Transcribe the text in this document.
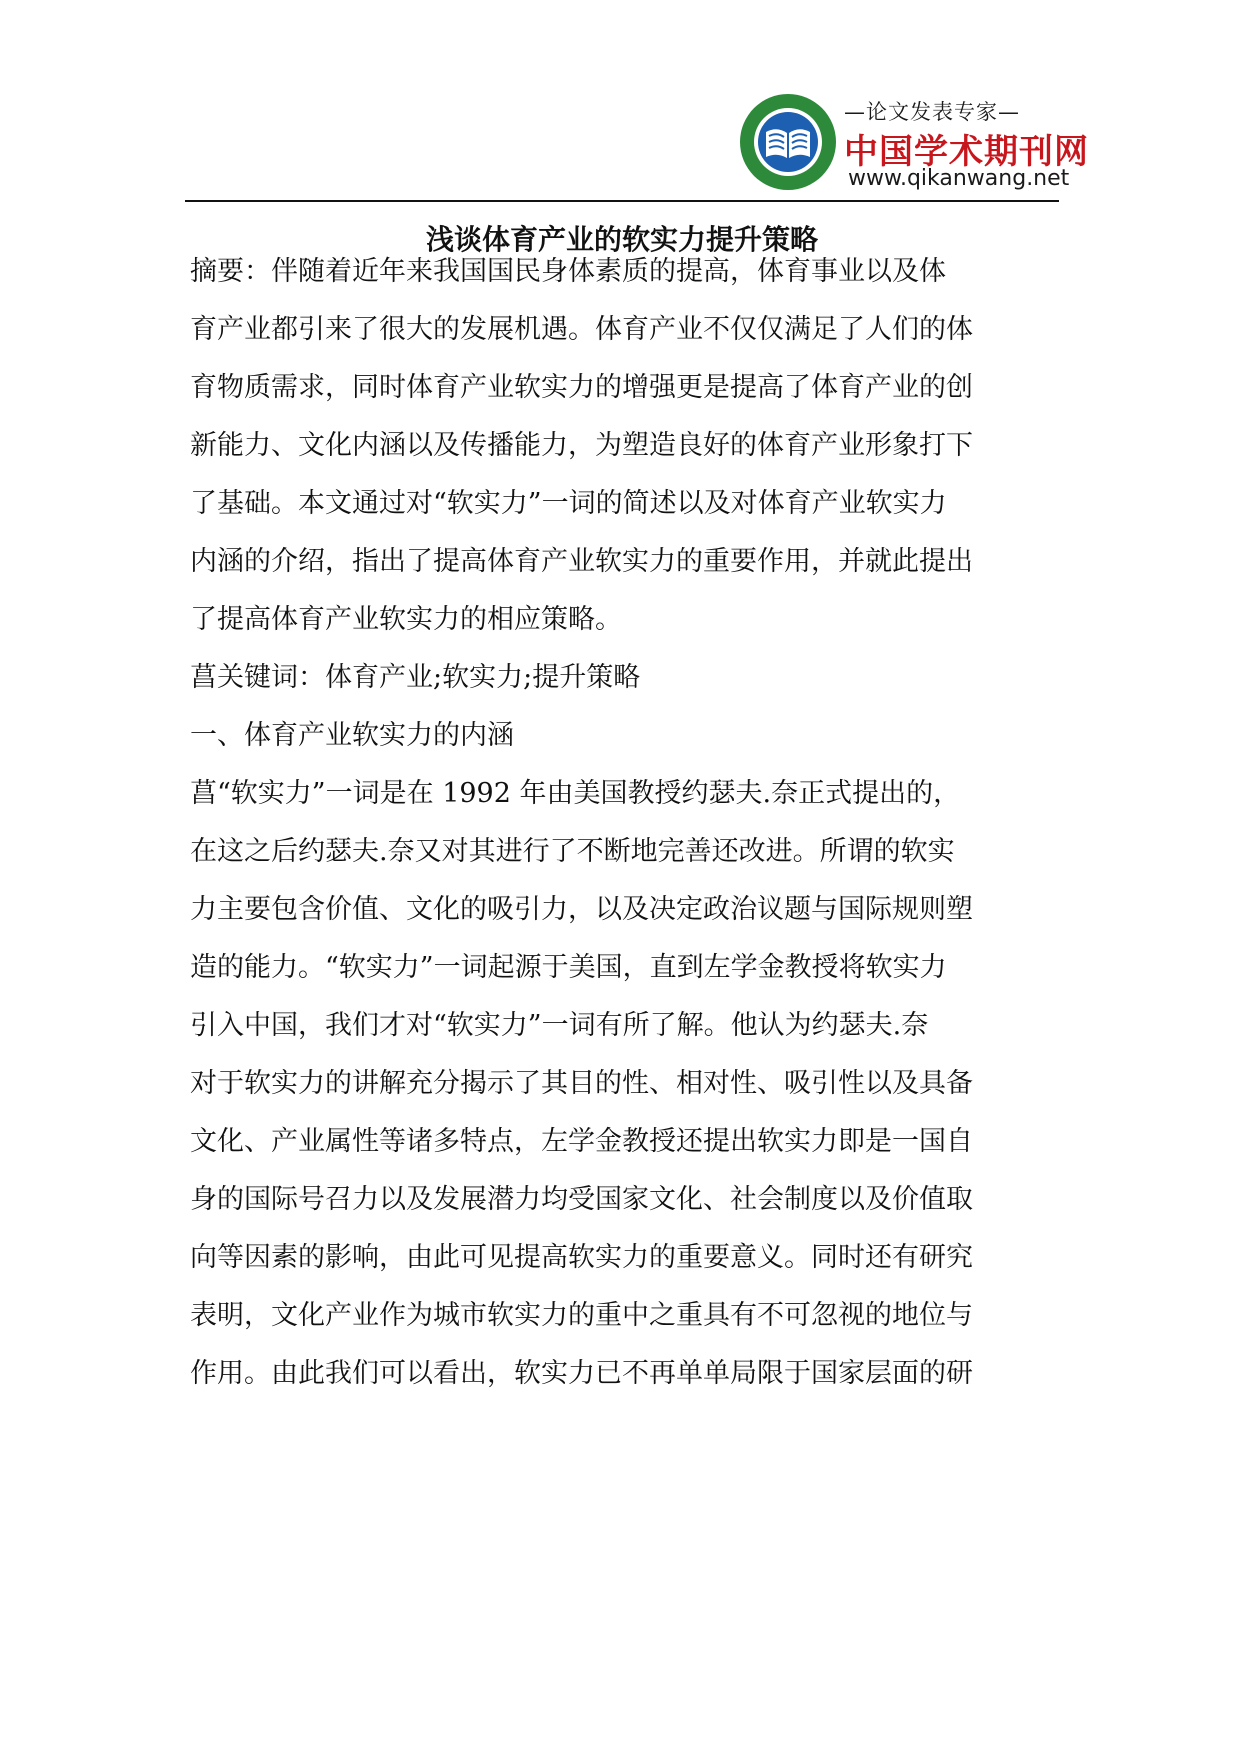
—论文发表专家—
中国学术期刊网
www.qikanwang.net
浅谈体育产业的软实力提升策略
摘要：伴随着近年来我国国民身体素质的提高，体育事业以及体
育产业都引来了很大的发展机遇。体育产业不仅仅满足了人们的体
育物质需求，同时体育产业软实力的增强更是提高了体育产业的创
新能力、文化内涵以及传播能力，为塑造良好的体育产业形象打下
了基础。本文通过对“软实力”一词的简述以及对体育产业软实力
内涵的介绍，指出了提高体育产业软实力的重要作用，并就此提出
了提高体育产业软实力的相应策略。
菖关键词：体育产业;软实力;提升策略
一、体育产业软实力的内涵
菖“软实力”一词是在 1992 年由美国教授约瑟夫.奈正式提出的，
在这之后约瑟夫.奈又对其进行了不断地完善还改进。所谓的软实
力主要包含价值、文化的吸引力，以及决定政治议题与国际规则塑
造的能力。“软实力”一词起源于美国，直到左学金教授将软实力
引入中国，我们才对“软实力”一词有所了解。他认为约瑟夫.奈
对于软实力的讲解充分揭示了其目的性、相对性、吸引性以及具备
文化、产业属性等诸多特点，左学金教授还提出软实力即是一国自
身的国际号召力以及发展潜力均受国家文化、社会制度以及价值取
向等因素的影响，由此可见提高软实力的重要意义。同时还有研究
表明，文化产业作为城市软实力的重中之重具有不可忽视的地位与
作用。由此我们可以看出，软实力已不再单单局限于国家层面的研
